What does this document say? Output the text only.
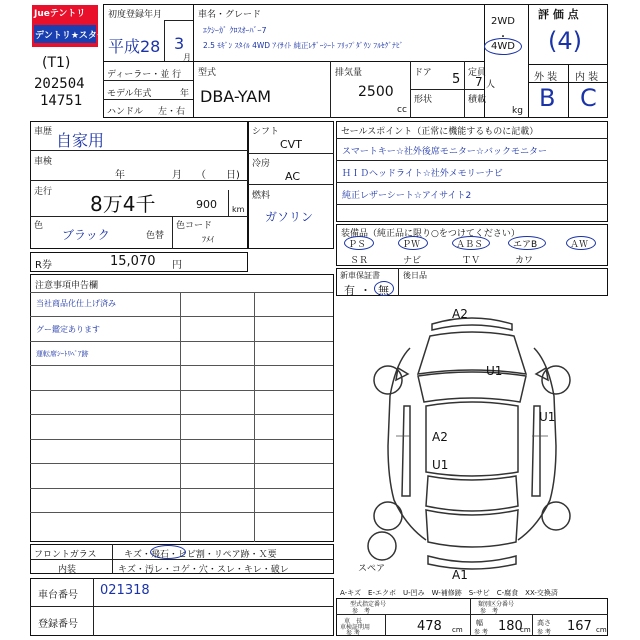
Jueテントリ
デントリ★スター
(T1)
202504
14751
初度登録年月
平成28 3
月
車名・グレード
ｴｸｼｰｶﾞ ｸﾛｽｵｰﾊﾞｰ7
2.5 ﾓｷﾞﾝ ｽﾀｲﾙ 4WD ｱｲｻｲﾄ 純正ﾚｻﾞｰｼｰﾄ ﾌﾘｯﾌﾟﾀﾞｳﾝ ﾌﾙｾｸﾞﾅﾋﾞ
2WD
・
4WD
評 価 点
(4)
外 装 内 装
B C
ディーラー・並 行
モデル年式	年
ハンドル 左・右
型式
DBA-YAM
排気量
2500
cc
ドア 5
形状
定員
7 人
積載
kg
車歴 自家用
車検
年	月	日)
（
走行 8万4千	900 km
色
ブラック	色替
色コード
ﾌﾒｲ
R券	15,070 円
シフト
CVT
冷房
AC
燃料
ガソリン
セールスポイント（正常に機能するものに記載）
スマートキー☆社外後席モニター☆バックモニター
ＨＩＤヘッドライト☆社外メモリーナビ
純正レザーシート☆アイサイト2
装備品（純正品に限り○をつけてください）
ＰＳ	ＰＷ	ＡＢＳ	エアB	ＡＷ
ＳＲ	ナビ	ＴＶ	カワ
新車保証書
有 ・ 無
後日品
注意事項申告欄
当社商品化仕上げ済み
グー鑑定あります
運転席ｼｰﾄﾘﾍﾟｱ跡
A2
U1
U1
A2
U1
A1
スペア
フロントガラス	キズ・飛石・ヒビ割・リペア跡・Ｘ要
内装	キズ・汚レ・コゲ・穴・スレ・キレ・破レ
車台番号 021318
登録番号
A-キズ　E-エクボ　U-凹み　W-補修跡　S-サビ　C-腐食　XX-交換済
型式指定番号
参　考
類別区分番号
参　考
車　長
車検証明用
参 考	478 cm
幅
参 考 180
cm
高さ
参 考 167 cm
